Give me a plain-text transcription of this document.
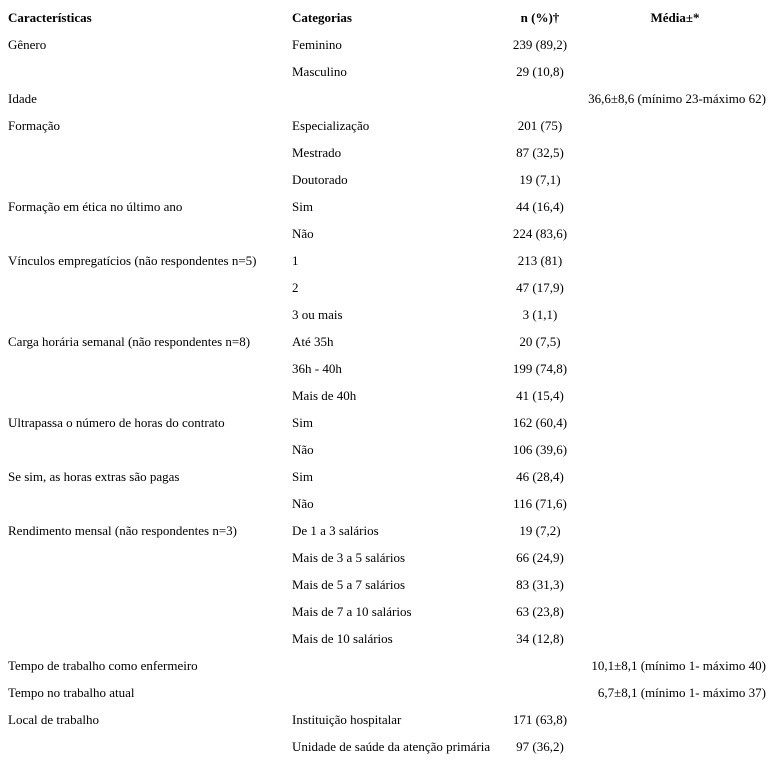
Características	Categorias	n (%)†	Média±*
Gênero	Feminino	239 (89,2)	
	Masculino	29 (10,8)	
Idade			36,6±8,6 (mínimo 23-máximo 62)
Formação	Especialização	201 (75)	
	Mestrado	87 (32,5)	
	Doutorado	19 (7,1)	
Formação em ética no último ano	Sim	44 (16,4)	
	Não	224 (83,6)	
Vínculos empregatícios (não respondentes n=5)	1	213 (81)	
	2	47 (17,9)	
	3 ou mais	3 (1,1)	
Carga horária semanal (não respondentes n=8)	Até 35h	20 (7,5)	
	36h - 40h	199 (74,8)	
	Mais de 40h	41 (15,4)	
Ultrapassa o número de horas do contrato	Sim	162 (60,4)	
	Não	106 (39,6)	
Se sim, as horas extras são pagas	Sim	46 (28,4)	
	Não	116 (71,6)	
Rendimento mensal (não respondentes n=3)	De 1 a 3 salários	19 (7,2)	
	Mais de 3 a 5 salários	66 (24,9)	
	Mais de 5 a 7 salários	83 (31,3)	
	Mais de 7 a 10 salários	63 (23,8)	
	Mais de 10 salários	34 (12,8)	
Tempo de trabalho como enfermeiro			10,1±8,1 (mínimo 1- máximo 40)
Tempo no trabalho atual			6,7±8,1 (mínimo 1- máximo 37)
Local de trabalho	Instituição hospitalar	171 (63,8)	
	Unidade de saúde da atenção primária	97 (36,2)	
